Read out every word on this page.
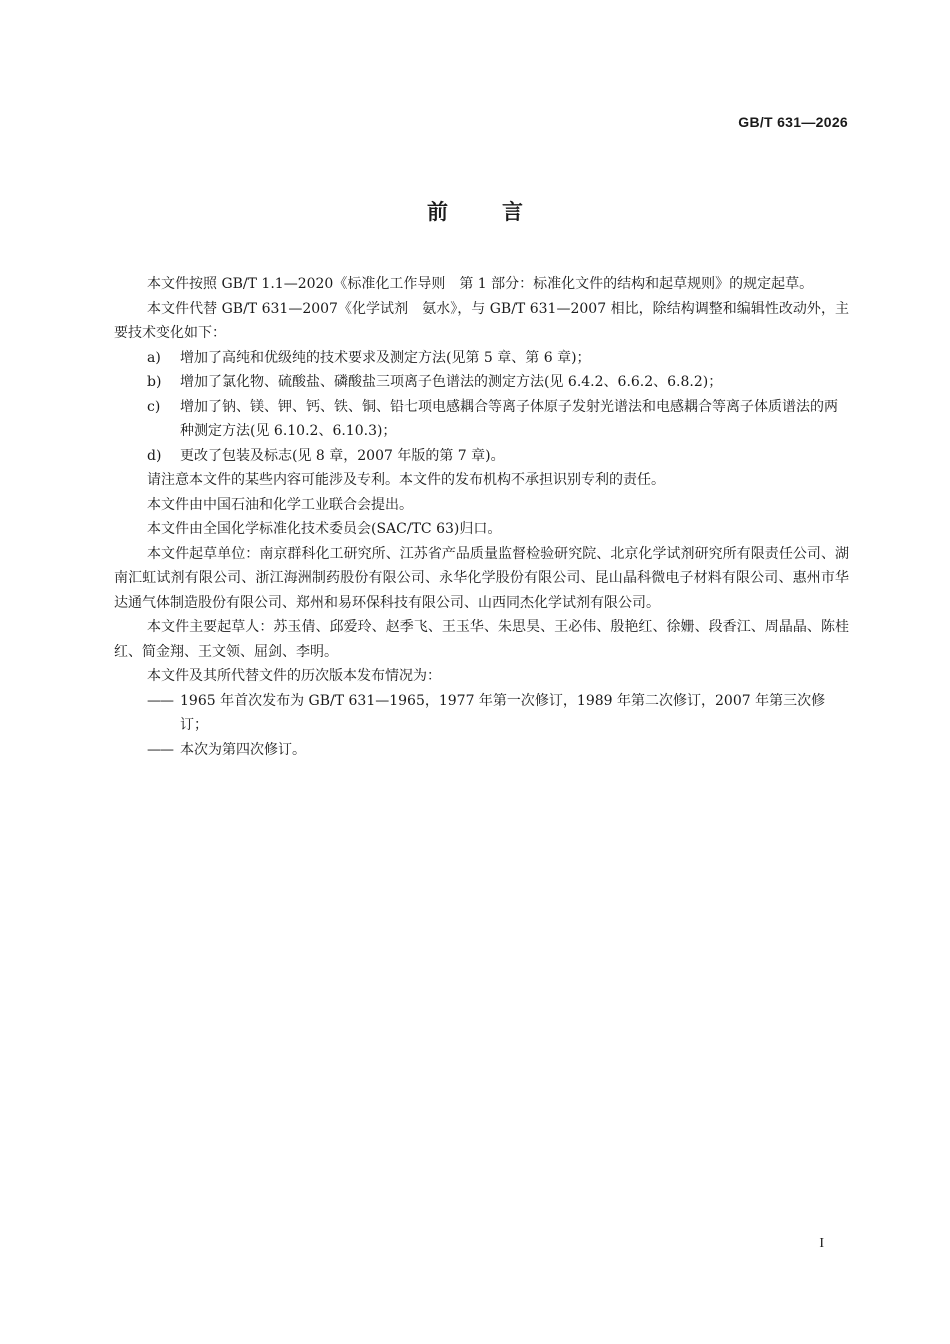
GB/T 631—2026
前言

本文件按照 GB/T 1.1—2020《标准化工作导则　第 1 部分：标准化文件的结构和起草规则》的规定起草。

本文件代替 GB/T 631—2007《化学试剂　氨水》，与 GB/T 631—2007 相比，除结构调整和编辑性改动外，主要技术变化如下：

a)	增加了高纯和优级纯的技术要求及测定方法(见第 5 章、第 6 章)；
b)	增加了氯化物、硫酸盐、磷酸盐三项离子色谱法的测定方法(见 6.4.2、6.6.2、6.8.2)；
c)	增加了钠、镁、钾、钙、铁、铜、铅七项电感耦合等离子体原子发射光谱法和电感耦合等离子体质谱法的两种测定方法(见 6.10.2、6.10.3)；
d)	更改了包装及标志(见 8 章，2007 年版的第 7 章)。

请注意本文件的某些内容可能涉及专利。本文件的发布机构不承担识别专利的责任。

本文件由中国石油和化学工业联合会提出。

本文件由全国化学标准化技术委员会(SAC/TC 63)归口。

本文件起草单位：南京群科化工研究所、江苏省产品质量监督检验研究院、北京化学试剂研究所有限责任公司、湖南汇虹试剂有限公司、浙江海洲制药股份有限公司、永华化学股份有限公司、昆山晶科微电子材料有限公司、惠州市华达通气体制造股份有限公司、郑州和易环保科技有限公司、山西同杰化学试剂有限公司。

本文件主要起草人：苏玉倩、邱爱玲、赵季飞、王玉华、朱思昊、王必伟、殷艳红、徐姗、段香江、周晶晶、陈桂红、简金翔、王文领、屈剑、李明。

本文件及其所代替文件的历次版本发布情况为：

—— 1965 年首次发布为 GB/T 631—1965，1977 年第一次修订，1989 年第二次修订，2007 年第三次修订；
—— 本次为第四次修订。
I
